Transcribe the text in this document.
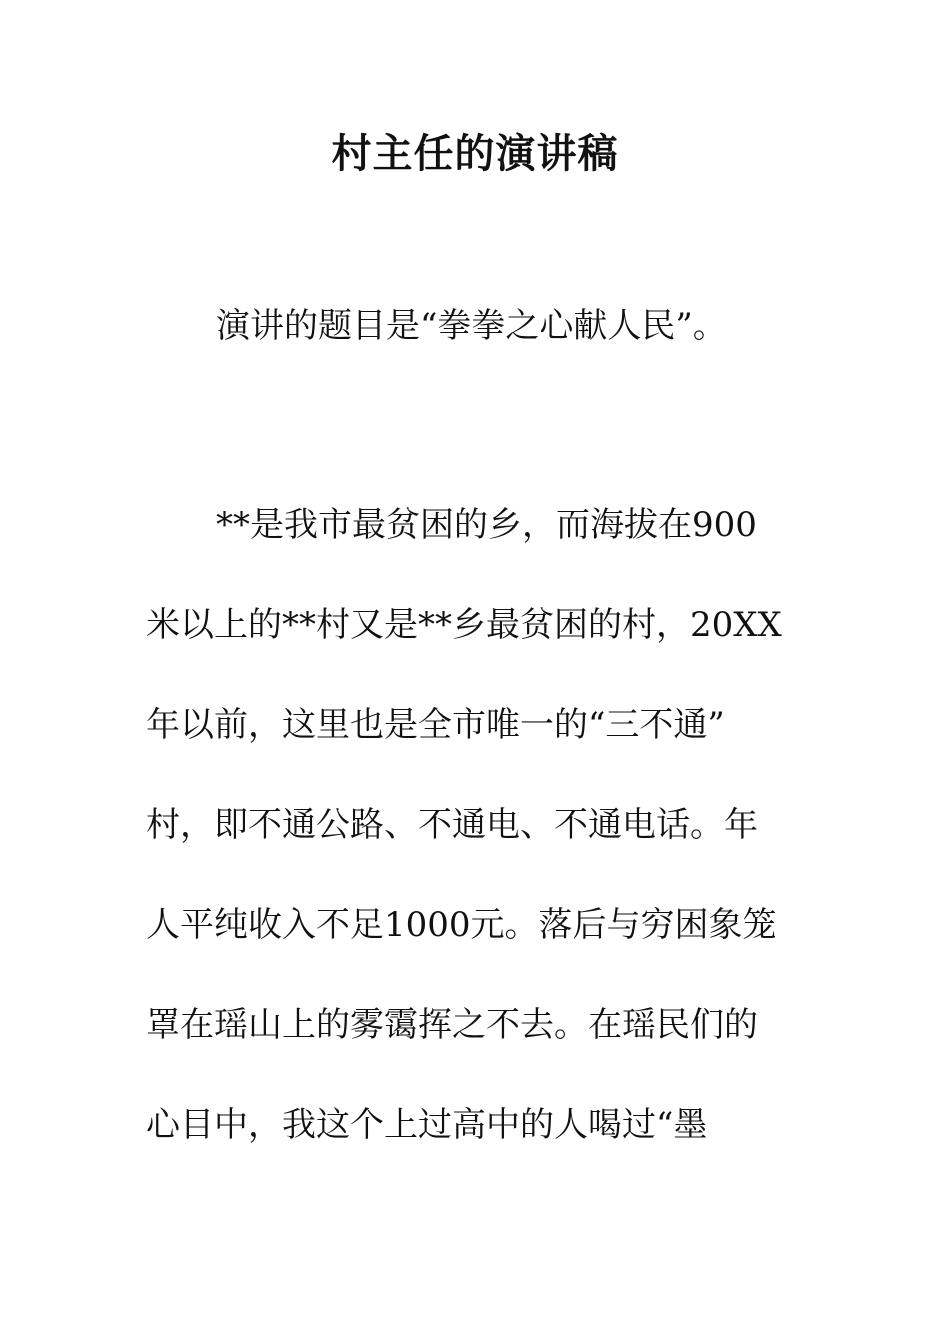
村主任的演讲稿

演讲的题目是“拳拳之心献人民”。

**是我市最贫困的乡，而海拔在900

米以上的**村又是**乡最贫困的村，20XX

年以前，这里也是全市唯一的“三不通”

村，即不通公路、不通电、不通电话。年

人平纯收入不足1000元。落后与穷困象笼

罩在瑶山上的雾霭挥之不去。在瑶民们的

心目中，我这个上过高中的人喝过“墨
